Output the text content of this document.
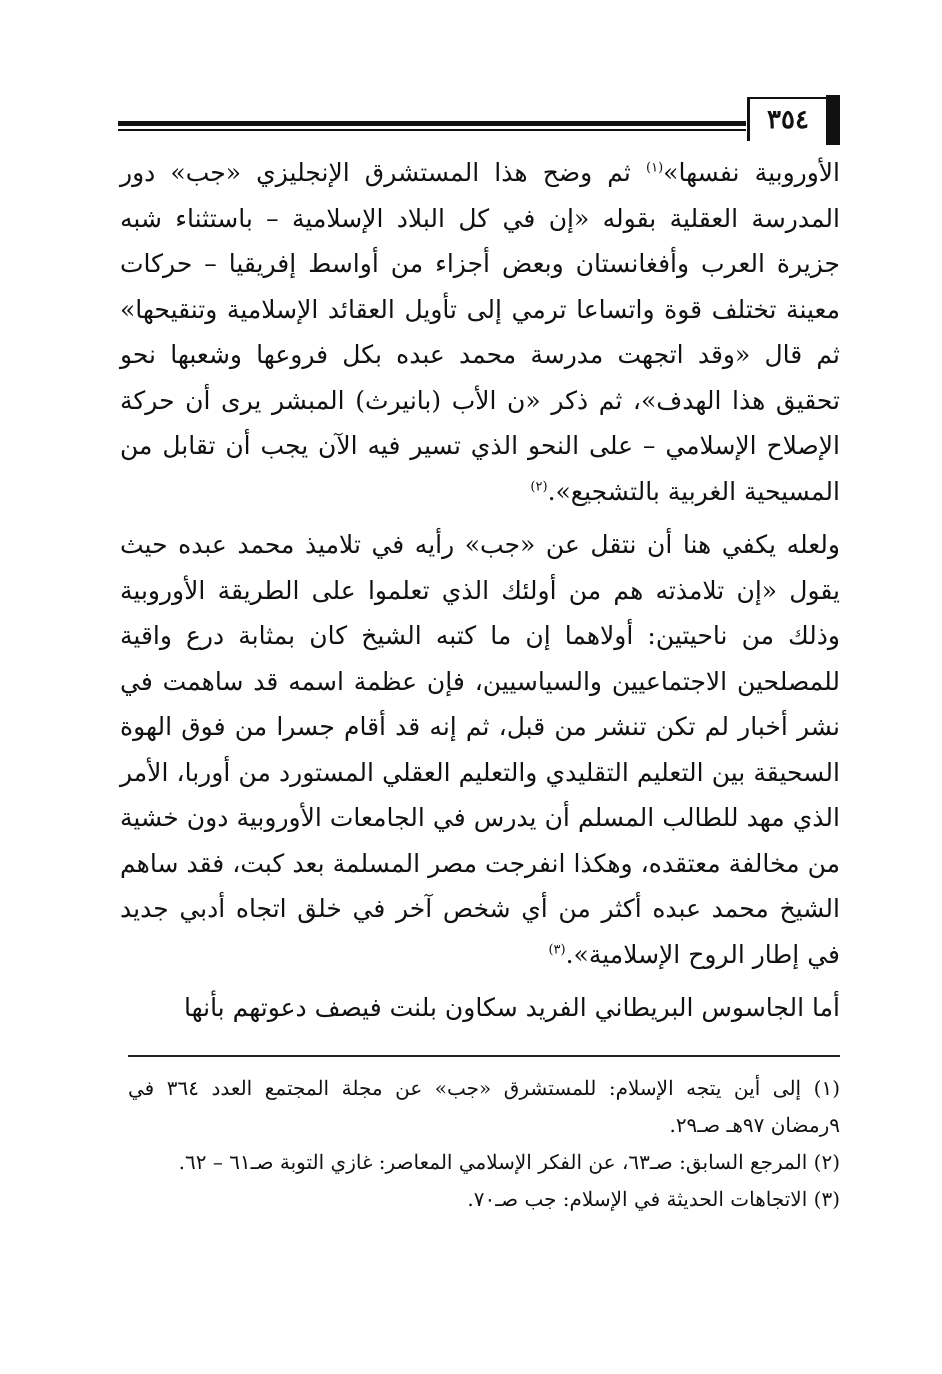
٣٥٤

الأوروبية نفسها»$^{(١)}$ ثم وضح هذا المستشرق الإنجليزي «جب» دور المدرسة العقلية بقوله «إن في كل البلاد الإسلامية – باستثناء شبه جزيرة العرب وأفغانستان وبعض أجزاء من أواسط إفريقيا – حركات معينة تختلف قوة واتساعا ترمي إلى تأويل العقائد الإسلامية وتنقيحها» ثم قال «وقد اتجهت مدرسة محمد عبده بكل فروعها وشعبها نحو تحقيق هذا الهدف»، ثم ذكر «ن الأب (بانيرث) المبشر يرى أن حركة الإصلاح الإسلامي – على النحو الذي تسير فيه الآن يجب أن تقابل من المسيحية الغربية بالتشجيع».$^{(٢)}$

ولعله يكفي هنا أن نتقل عن «جب» رأيه في تلاميذ محمد عبده حيث يقول «إن تلامذته هم من أولئك الذي تعلموا على الطريقة الأوروبية وذلك من ناحيتين: أولاهما إن ما كتبه الشيخ كان بمثابة درع واقية للمصلحين الاجتماعيين والسياسيين، فإن عظمة اسمه قد ساهمت في نشر أخبار لم تكن تنشر من قبل، ثم إنه قد أقام جسرا من فوق الهوة السحيقة بين التعليم التقليدي والتعليم العقلي المستورد من أوربا، الأمر الذي مهد للطالب المسلم أن يدرس في الجامعات الأوروبية دون خشية من مخالفة معتقده، وهكذا انفرجت مصر المسلمة بعد كبت، فقد ساهم الشيخ محمد عبده أكثر من أي شخص آخر في خلق اتجاه أدبي جديد في إطار الروح الإسلامية».$^{(٣)}$

أما الجاسوس البريطاني الفريد سكاون بلنت فيصف دعوتهم بأنها

(١) إلى أين يتجه الإسلام: للمستشرق «جب» عن مجلة المجتمع العدد ٣٦٤ في ٩رمضان ٩٧هـ صـ٢٩.

(٢) المرجع السابق: صـ٦٣، عن الفكر الإسلامي المعاصر: غازي التوبة صـ٦١ – ٦٢.

(٣) الاتجاهات الحديثة في الإسلام: جب صـ٧٠.
